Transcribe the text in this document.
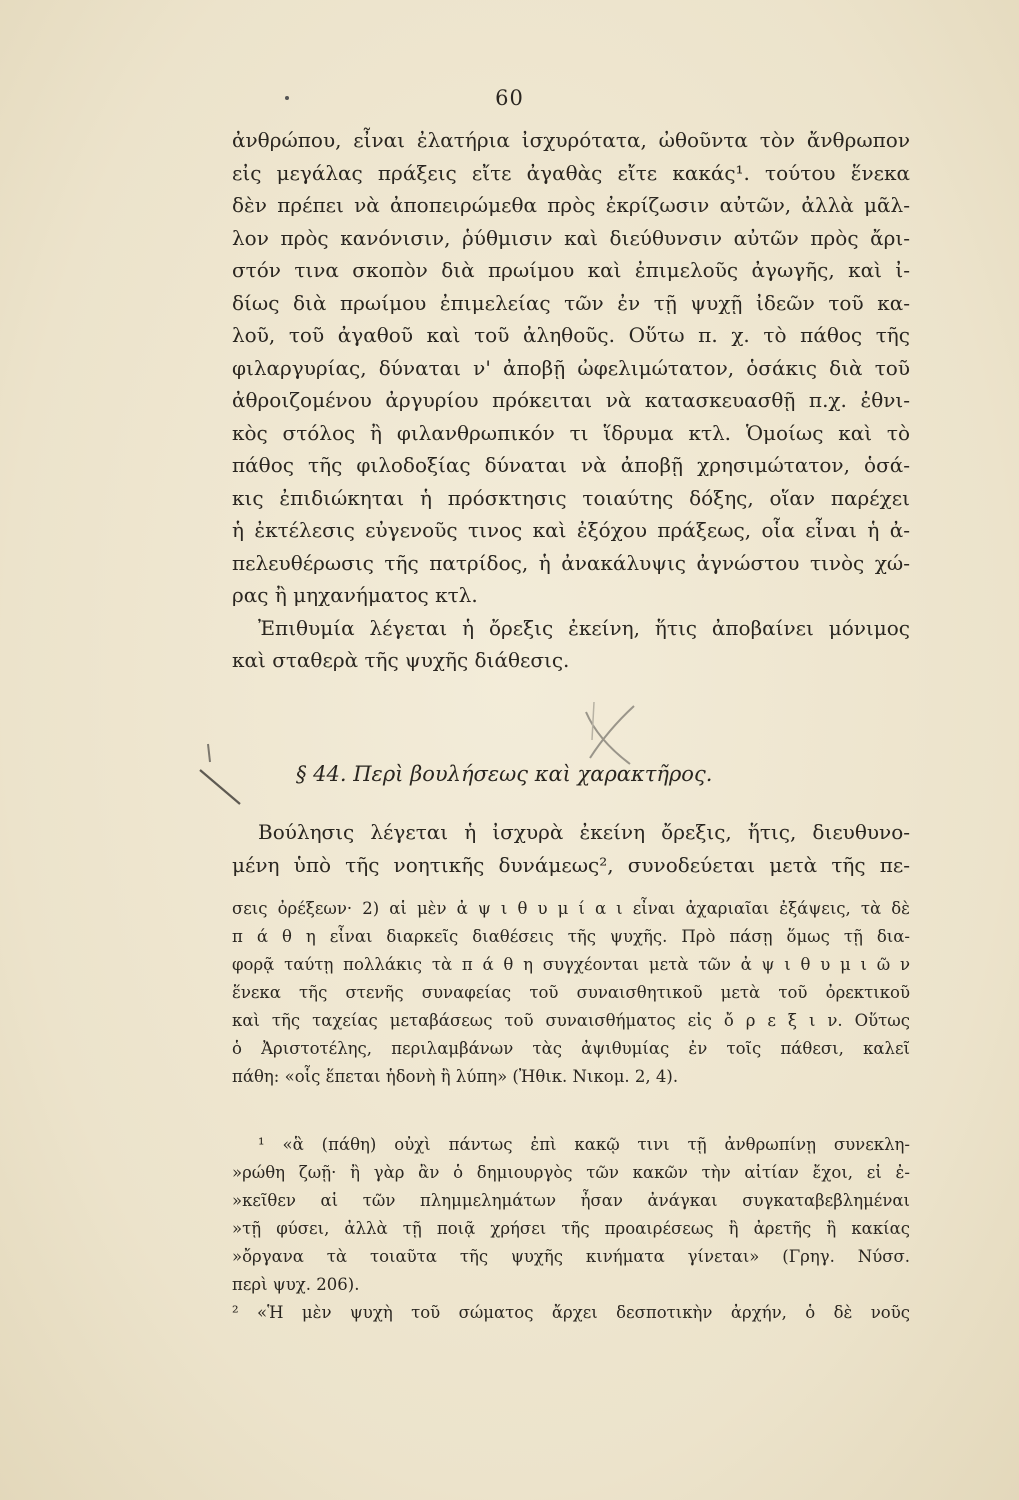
60
ἀνθρώπου, εἶναι ἐλατήρια ἰσχυρότατα, ὠθοῦντα τὸν ἄνθρωπον
εἰς μεγάλας πράξεις εἴτε ἀγαθὰς εἴτε κακάς¹. τούτου ἕνεκα
δὲν πρέπει νὰ ἀποπειρώμεθα πρὸς ἐκρίζωσιν αὐτῶν, ἀλλὰ μᾶλ-
λον πρὸς κανόνισιν, ῥύθμισιν καὶ διεύθυνσιν αὐτῶν πρὸς ἄρι-
στόν τινα σκοπὸν διὰ πρωίμου καὶ ἐπιμελοῦς ἀγωγῆς, καὶ ἰ-
δίως διὰ πρωίμου ἐπιμελείας τῶν ἐν τῇ ψυχῇ ἰδεῶν τοῦ κα-
λοῦ, τοῦ ἀγαθοῦ καὶ τοῦ ἀληθοῦς. Οὕτω π. χ. τὸ πάθος τῆς
φιλαργυρίας, δύναται ν' ἀποβῇ ὠφελιμώτατον, ὁσάκις διὰ τοῦ
ἀθροιζομένου ἀργυρίου πρόκειται νὰ κατασκευασθῇ π.χ. ἐθνι-
κὸς στόλος ἢ φιλανθρωπικόν τι ἵδρυμα κτλ. Ὁμοίως καὶ τὸ
πάθος τῆς φιλοδοξίας δύναται νὰ ἀποβῇ χρησιμώτατον, ὁσά-
κις ἐπιδιώκηται ἡ πρόσκτησις τοιαύτης δόξης, οἵαν παρέχει
ἡ ἐκτέλεσις εὐγενοῦς τινος καὶ ἐξόχου πράξεως, οἷα εἶναι ἡ ἀ-
πελευθέρωσις τῆς πατρίδος, ἡ ἀνακάλυψις ἀγνώστου τινὸς χώ-
ρας ἢ μηχανήματος κτλ.
Ἐπιθυμία λέγεται ἡ ὄρεξις ἐκείνη, ἥτις ἀποβαίνει μόνιμος
καὶ σταθερὰ τῆς ψυχῆς διάθεσις.
§ 44. Περὶ βουλήσεως καὶ χαρακτῆρος.
Βούλησις λέγεται ἡ ἰσχυρὰ ἐκείνη ὄρεξις, ἥτις, διευθυνο-
μένη ὑπὸ τῆς νοητικῆς δυνάμεως², συνοδεύεται μετὰ τῆς πε-
σεις ὀρέξεων· 2) αἱ μὲν ἀ ψ ι θ υ μ ί α ι εἶναι ἀχαριαῖαι ἐξάψεις, τὰ δὲ
π ά θ η εἶναι διαρκεῖς διαθέσεις τῆς ψυχῆς. Πρὸ πάσῃ ὅμως τῇ δια-
φορᾷ ταύτῃ πολλάκις τὰ π ά θ η συγχέονται μετὰ τῶν ἀ ψ ι θ υ μ ι ῶ ν
ἕνεκα τῆς στενῆς συναφείας τοῦ συναισθητικοῦ μετὰ τοῦ ὀρεκτικοῦ
καὶ τῆς ταχείας μεταβάσεως τοῦ συναισθήματος εἰς ὄ ρ ε ξ ι ν. Οὕτως
ὁ Ἀριστοτέλης, περιλαμβάνων τὰς ἀψιθυμίας ἐν τοῖς πάθεσι, καλεῖ
πάθη: «οἷς ἕπεται ἡδονὴ ἢ λύπη» (Ἠθικ. Νικομ. 2, 4).
¹ «ἃ (πάθη) οὐχὶ πάντως ἐπὶ κακῷ τινι τῇ ἀνθρωπίνῃ συνεκλη-
»ρώθη ζωῇ· ἢ γὰρ ἂν ὁ δημιουργὸς τῶν κακῶν τὴν αἰτίαν ἔχοι, εἰ ἐ-
»κεῖθεν αἱ τῶν πλημμελημάτων ἦσαν ἀνάγκαι συγκαταβεβλημέναι
»τῇ φύσει, ἀλλὰ τῇ ποιᾷ χρήσει τῆς προαιρέσεως ἢ ἀρετῆς ἢ κακίας
»ὄργανα τὰ τοιαῦτα τῆς ψυχῆς κινήματα γίνεται» (Γρηγ. Νύσσ.
περὶ ψυχ. 206).
² «Ἡ μὲν ψυχὴ τοῦ σώματος ἄρχει δεσποτικὴν ἀρχήν, ὁ δὲ νοῦς
